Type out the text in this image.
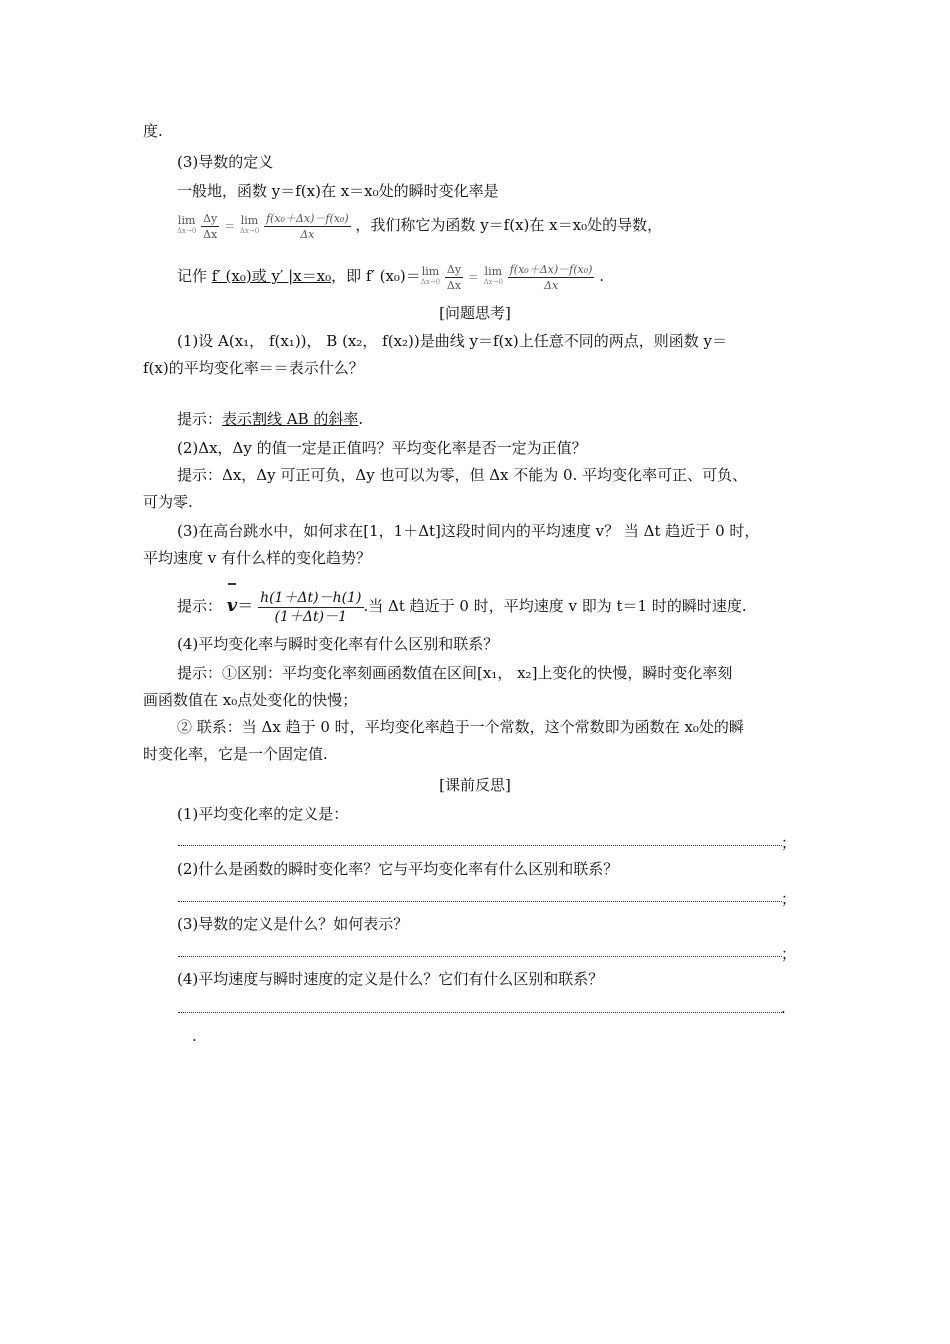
度.
(3)导数的定义
一般地，函数 y＝f(x)在 x＝x₀处的瞬时变化率是
lim
Δx→0
$\frac{\Delta y}{\Delta x} = \lim$
Δx→0
$\frac{\text{f(x₀＋Δx)－f(x₀)}}{\Delta x}$ ，我们称它为函数 y＝f(x)在 x＝x₀处的导数，
记作 f′ (x₀)或 y′ |x＝x₀，即 f′ (x₀)＝ lim
Δx→0
$\frac{\Delta y}{\Delta x} = \lim$
Δx→0
$\frac{\text{f(x₀＋Δx)－f(x₀)}}{\Delta x}$ .
[问题思考]
(1)设 A(x₁， f(x₁))， B (x₂， f(x₂))是曲线 y＝f(x)上任意不同的两点，则函数 y＝
f(x)的平均变化率＝＝表示什么？
提示：表示割线 AB 的斜率.
(2)Δx，Δy 的值一定是正值吗？平均变化率是否一定为正值？
提示：Δx，Δy 可正可负，Δy 也可以为零，但 Δx 不能为 0. 平均变化率可正、可负、
可为零.
(3)在高台跳水中，如何求在[1，1＋Δt]这段时间内的平均速度 v？ 当 Δt 趋近于 0 时，
平均速度 v 有什么样的变化趋势？
提示： $v= \frac{h(1+\Delta t)-h(1)}{(1+\Delta t)-1}$ .当 Δt 趋近于 0 时，平均速度 v 即为 t＝1 时的瞬时速度.
(4)平均变化率与瞬时变化率有什么区别和联系？
提示：①区别：平均变化率刻画函数值在区间[x₁， x₂]上变化的快慢，瞬时变化率刻
画函数值在 x₀点处变化的快慢；
② 联系：当 Δx 趋于 0 时，平均变化率趋于一个常数，这个常数即为函数在 x₀处的瞬
时变化率，它是一个固定值.
[课前反思]
(1)平均变化率的定义是：
；
(2)什么是函数的瞬时变化率？它与平均变化率有什么区别和联系？
；
(3)导数的定义是什么？如何表示？
；
(4)平均速度与瞬时速度的定义是什么？它们有什么区别和联系？
.
.
